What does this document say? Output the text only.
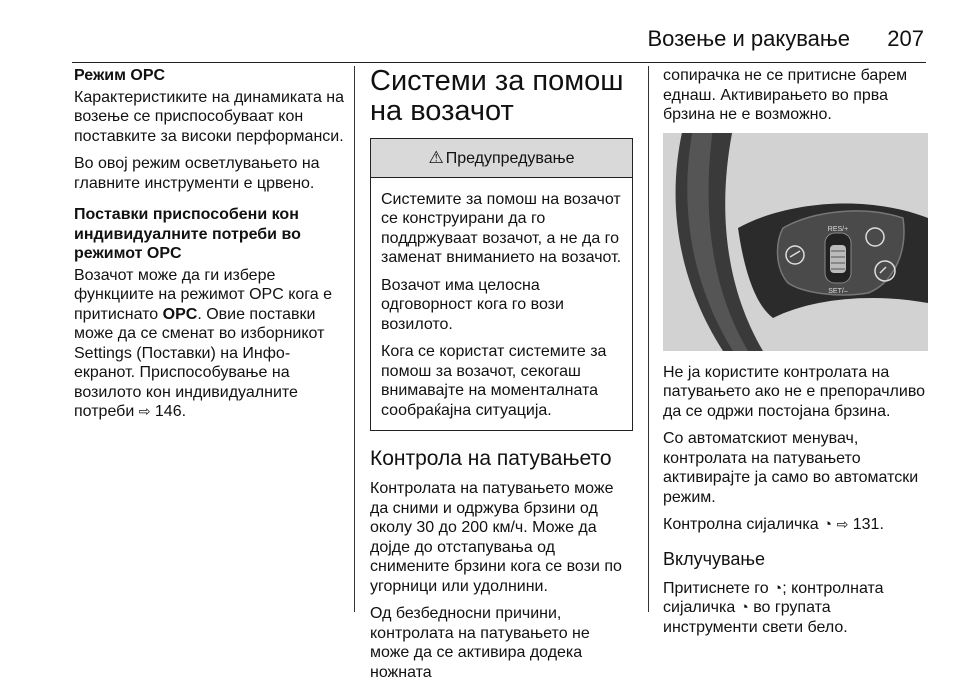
Возење и ракување 207
Режим OPC

Карактеристиките на динамиката на возење се приспособуваат кон поставките за високи перформанси.

Во овој режим осветлувањето на главните инструменти е црвено.

Поставки приспособени кон индивидуалните потреби во режимот OPC

Возачот може да ги избере функциите на режимот OPC кога е притиснато OPC. Овие поставки може да се сменат во изборникот Settings (Поставки) на Инфо-екранот. Приспособување на возилото кон индивидуалните потреби ⇨ 146.

Системи за помош на возачот
⚠ Предупредување

Системите за помош на возачот се конструирани да го поддржуваат возачот, а не да го заменат вниманието на возачот.

Возачот има целосна одговорност кога го вози возилото.

Кога се користат системите за помош за возачот, секогаш внимавајте на моменталната сообраќајна ситуација.

Контрола на патувањето

Контролата на патувањето може да сними и одржува брзини од околу 30 до 200 км/ч. Може да дојде до отстапувања од снимените брзини кога се вози по угорници или удолнини.

Од безбедносни причини, контролата на патувањето не може да се активира додека ножната

сопирачка не се притисне барем еднаш. Активирањето во прва брзина не е возможно.

RES/+
SET/–

Не ја користите контролата на патувањето ако не е препорачливо да се одржи постојана брзина.

Со автоматскиот менувач, контролата на патувањето активирајте ја само во автоматски режим.

Контролна сијаличка ◔ ⇨ 131.

Вклучување

Притиснете го ◔; контролната сијаличка ◔ во групата инструменти свети бело.
